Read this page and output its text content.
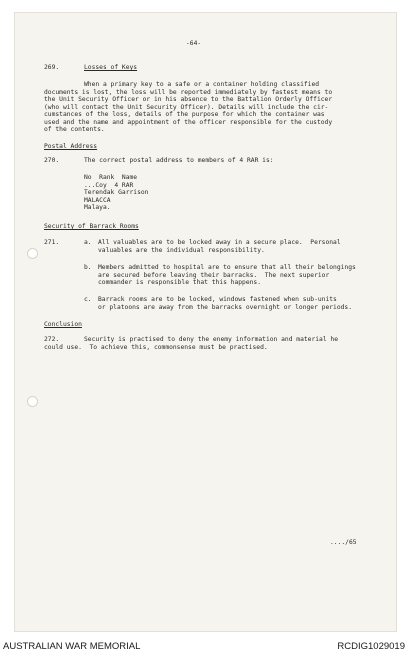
-64-
269.	Losses of Keys
When a primary key to a safe or a container holding classified
documents is lost, the loss will be reported immediately by fastest means to
the Unit Security Officer or in his absence to the Battalion Orderly Officer
(who will contact the Unit Security Officer). Details will include the cir-
cumstances of the loss, details of the purpose for which the container was
used and the name and appointment of the officer responsible for the custody
of the contents.
Postal Address
270.	The correct postal address to members of 4 RAR is:
No  Rank  Name
...Coy  4 RAR
Terendak Garrison
MALACCA
Malaya.
Security of Barrack Rooms
271.	a. All valuables are to be locked away in a secure place.  Personal
valuables are the individual responsibility.
b. Members admitted to hospital are to ensure that all their belongings
are secured before leaving their barracks.  The next superior
commander is responsible that this happens.
c. Barrack rooms are to be locked, windows fastened when sub-units
or platoons are away from the barracks overnight or longer periods.
Conclusion
272.	Security is practised to deny the enemy information and material he
could use.  To achieve this, commonsense must be practised.
..../65
AUSTRALIAN WAR MEMORIAL	RCDIG1029019
